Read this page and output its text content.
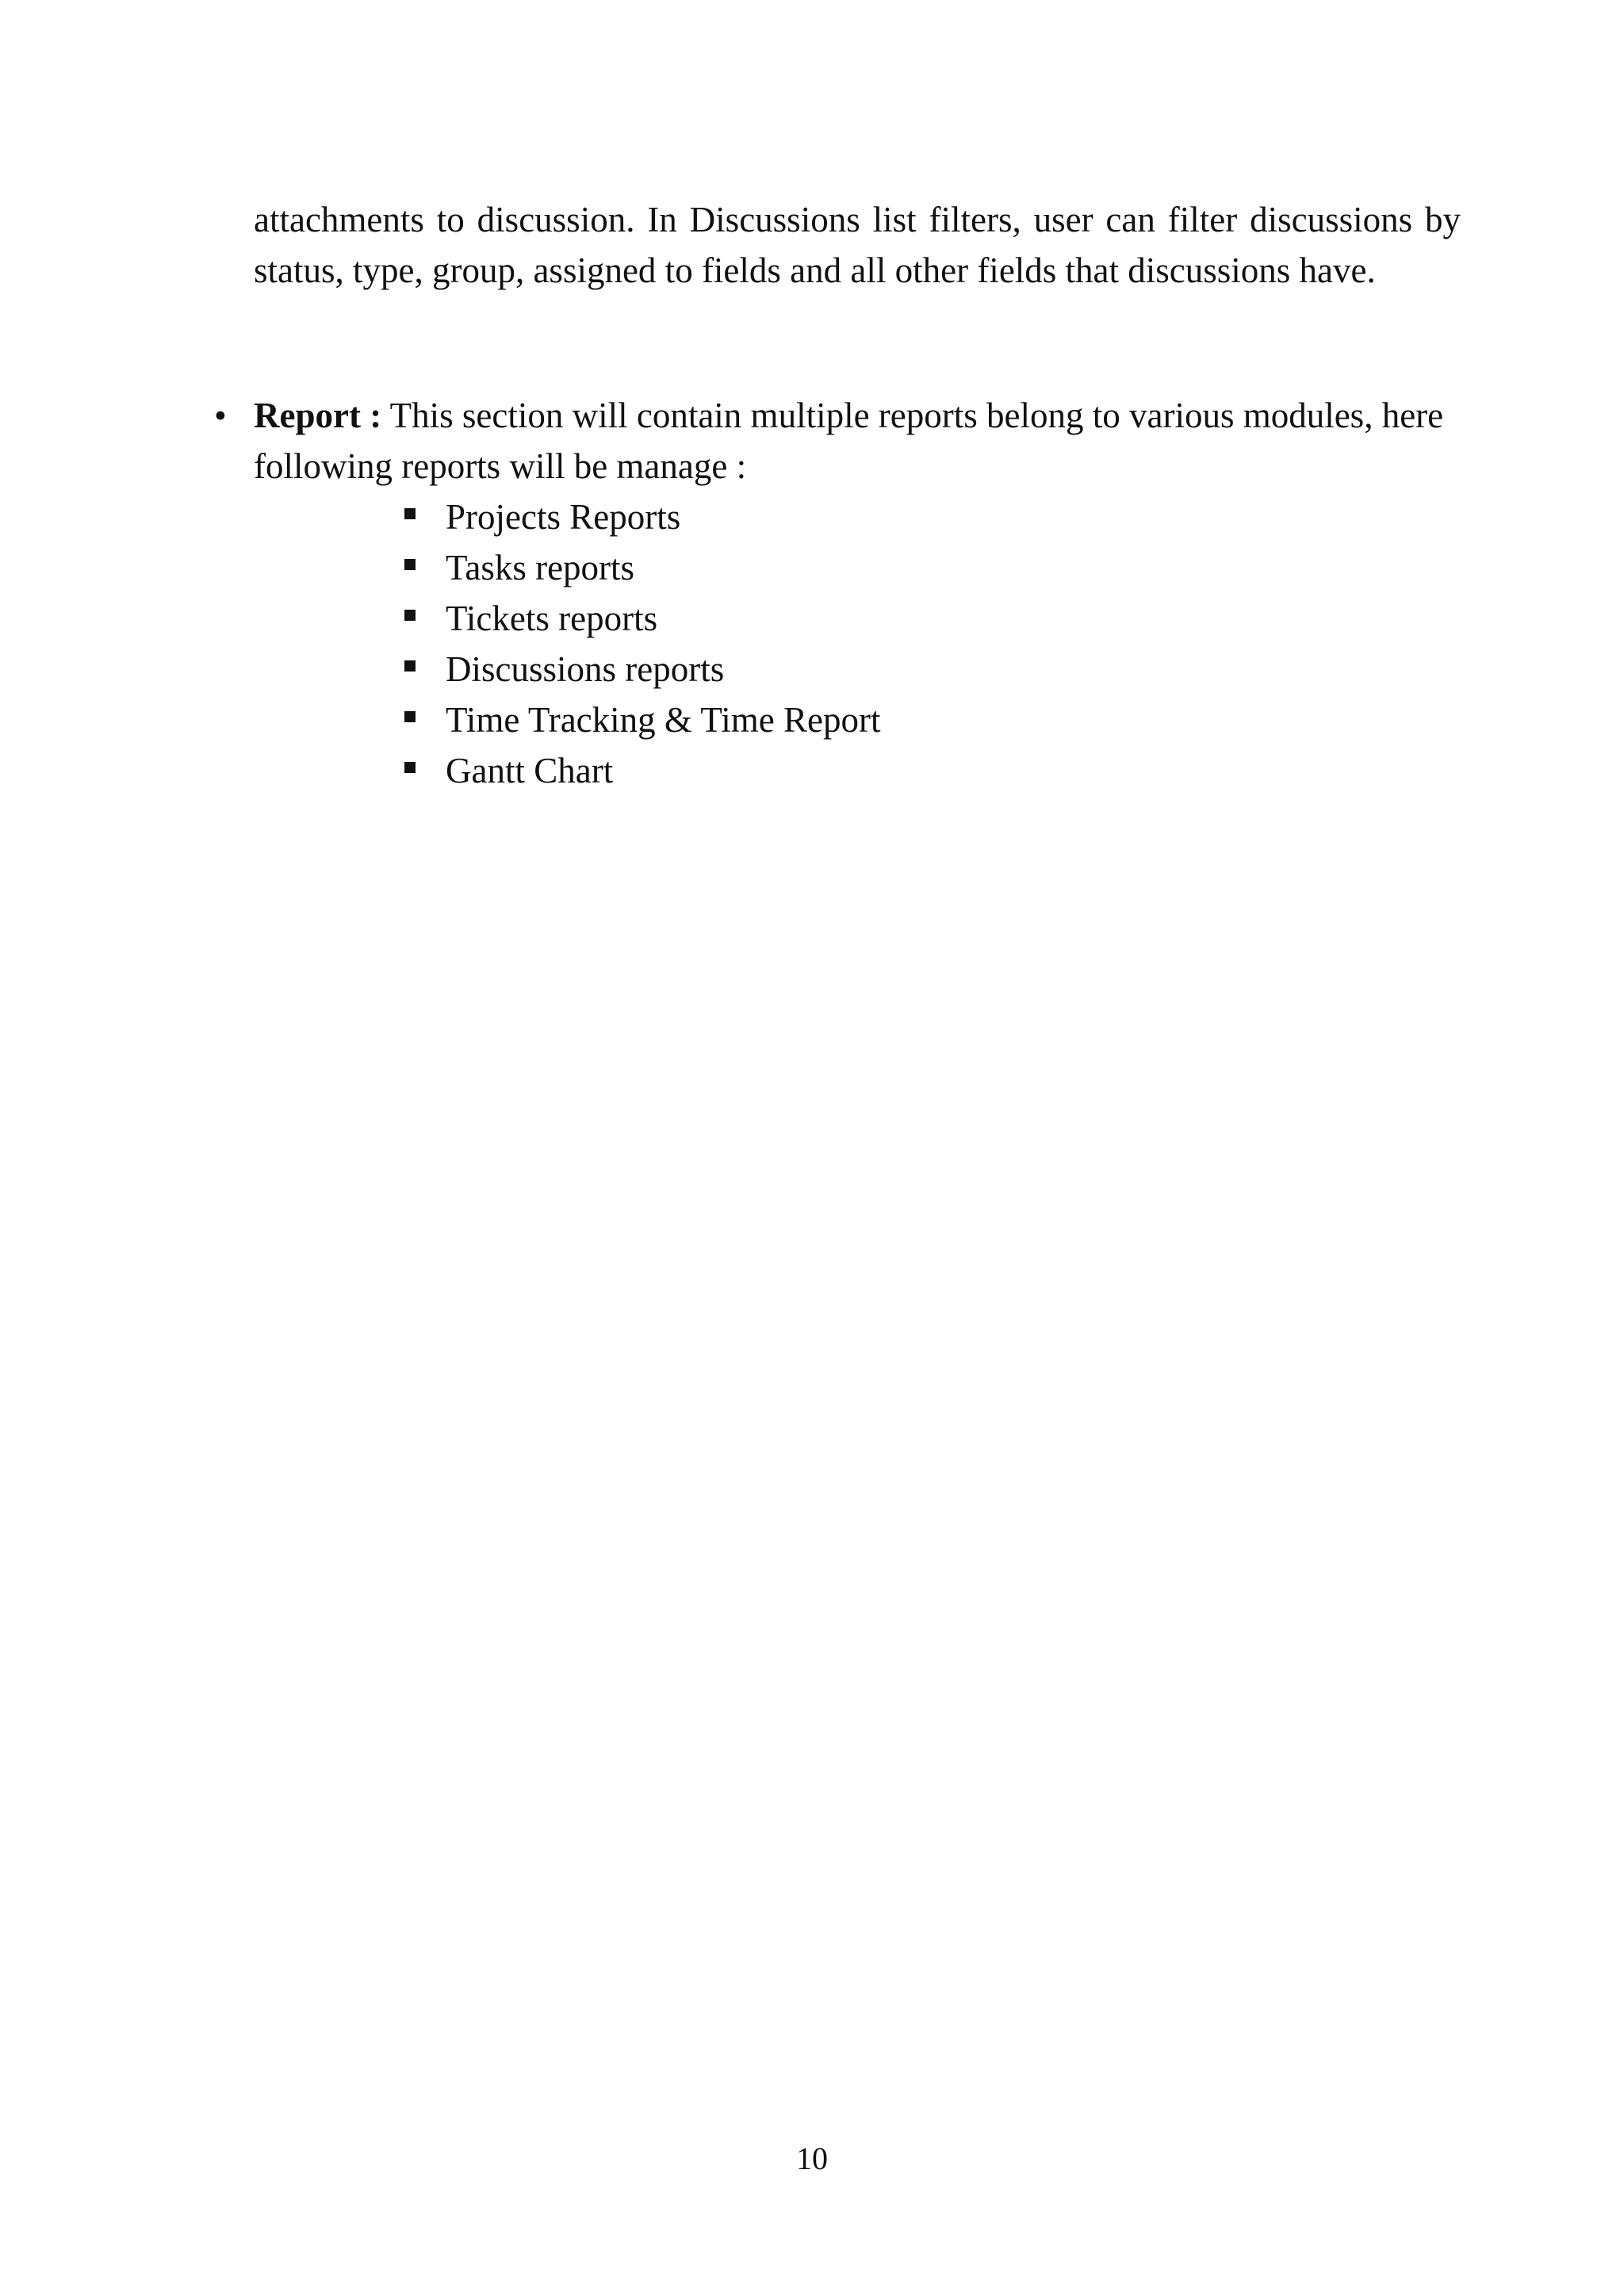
attachments to discussion. In Discussions list filters, user can filter discussions by status, type, group, assigned to fields and all other fields that discussions have.
• Report : This section will contain multiple reports belong to various modules, here following reports will be manage :
Projects Reports
Tasks reports
Tickets reports
Discussions reports
Time Tracking & Time Report
Gantt Chart
10
